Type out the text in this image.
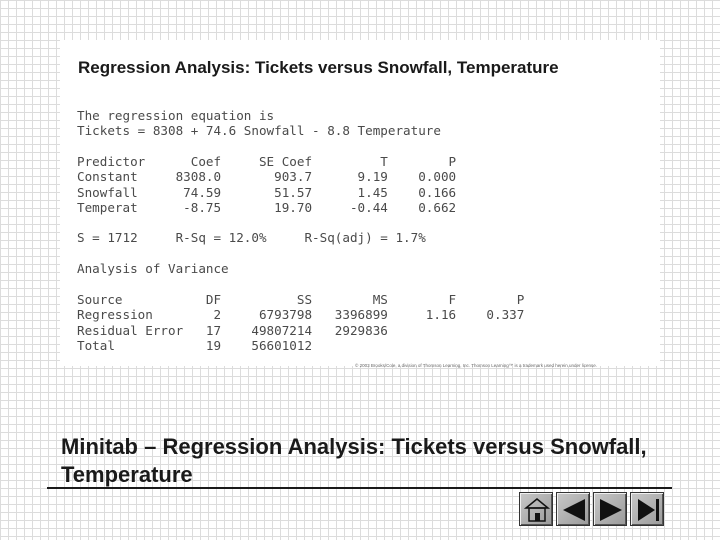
Regression Analysis: Tickets versus Snowfall, Temperature
The regression equation is
Tickets = 8308 + 74.6 Snowfall - 8.8 Temperature
Predictor      Coef     SE Coef         T        P
Constant     8308.0       903.7      9.19    0.000
Snowfall      74.59       51.57      1.45    0.166
Temperat      -8.75       19.70     -0.44    0.662
S = 1712     R-Sq = 12.0%     R-Sq(adj) = 1.7%
Analysis of Variance
Source           DF          SS        MS        F        P
Regression        2     6793798   3396899     1.16    0.337
Residual Error   17    49807214   2929836
Total            19    56601012
© 2003 Brooks/Cole, a division of Thomson Learning, Inc. Thomson Learning™ is a trademark used herein under license.
Minitab – Regression Analysis: Tickets versus Snowfall, Temperature
